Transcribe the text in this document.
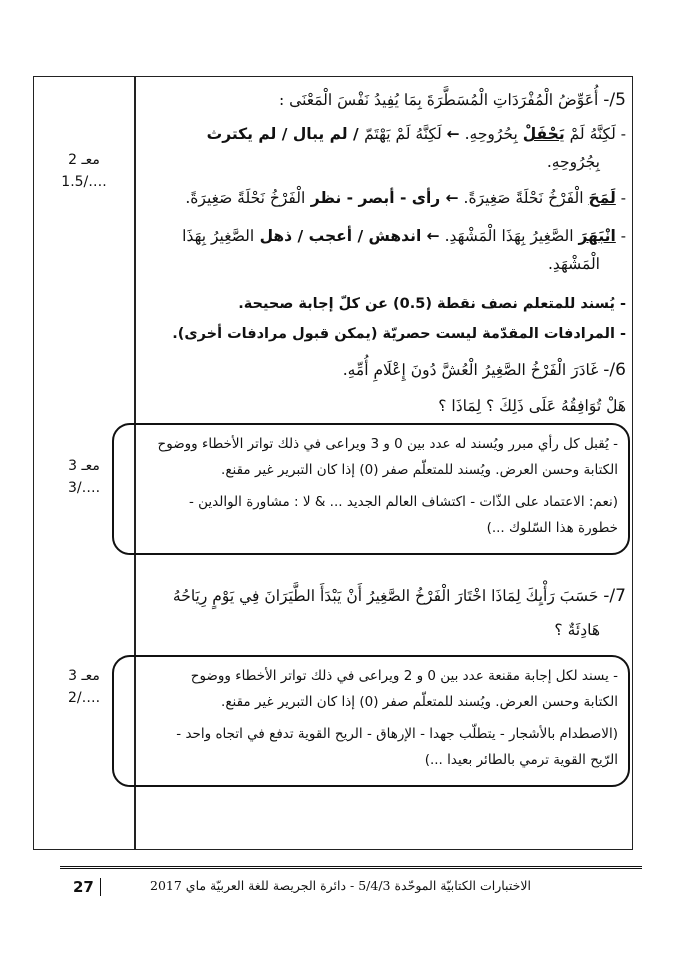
معـ 2
1.5/….
معـ 3
3/….
معـ 3
2/….
5/- أُعَوِّضُ الْمُفْرَدَاتِ الْمُسَطَّرَةَ بِمَا يُفِيدُ نَفْسَ الْمَعْنَى :
- لَكِنَّهُ لَمْ يَحْفَلْ بِحُرُوحِهِ. ← لَكِنَّهُ لَمْ يَهْتَمّ / لم يبال / لم يكترث
بِجُرُوحِهِ.
- لَمَحَ الْفَرْخُ نَحْلَةً صَغِيرَةً. ← رأى - أبصر - نظر الْفَرْخُ نَحْلَةً صَغِيرَةً.
- انْبَهَرَ الصَّغِيرُ بِهَذَا الْمَشْهَدِ. ← اندهش / أعجب / ذهل الصَّغِيرُ بِهَذَا
الْمَشْهَدِ.
- يُسند للمتعلم نصف نقطة (0.5) عن كلّ إجابة صحيحة.
- المرادفات المقدّمة ليست حصريّة (يمكن قبول مرادفات أخرى).
6/- غَادَرَ الْفَرْخُ الصَّغِيرُ الْعُشَّ دُونَ إِعْلَامِ أُمِّهِ.
هَلْ تُوَافِقُهُ عَلَى ذَلِكَ ؟ لِمَاذَا ؟
- يُقبل كل رأي مبرر ويُسند له عدد بين 0 و 3 ويراعى في ذلك تواتر الأخطاء ووضوح
الكتابة وحسن العرض. ويُسند للمتعلّم صفر (0) إذا كان التبرير غير مقنع.
(نعم: الاعتماد على الذّات - اكتشاف العالم الجديد ... & لا : مشاورة الوالدين -
خطورة هذا السّلوك ...)
7/- حَسَبَ رَأْيِكَ لِمَاذَا اخْتَارَ الْفَرْخُ الصَّغِيرُ أَنْ يَبْدَأَ الطَّيَرَانَ فِي يَوْمٍ رِيَاحُهُ
هَادِئَةٌ ؟
- يسند لكل إجابة مقنعة عدد بين 0 و 2 ويراعى في ذلك تواتر الأخطاء ووضوح
الكتابة وحسن العرض. ويُسند للمتعلّم صفر (0) إذا كان التبرير غير مقنع.
(الاصطدام بالأشجار - يتطلّب جهدا - الإرهاق - الريح القوية تدفع في اتجاه واحد -
الرّيح القوية ترمي بالطائر بعيدا ...)
27	الاختبارات الكتابيّة الموحّدة 5/4/3 - دائرة الجريصة للغة العربيّة ماي 2017
